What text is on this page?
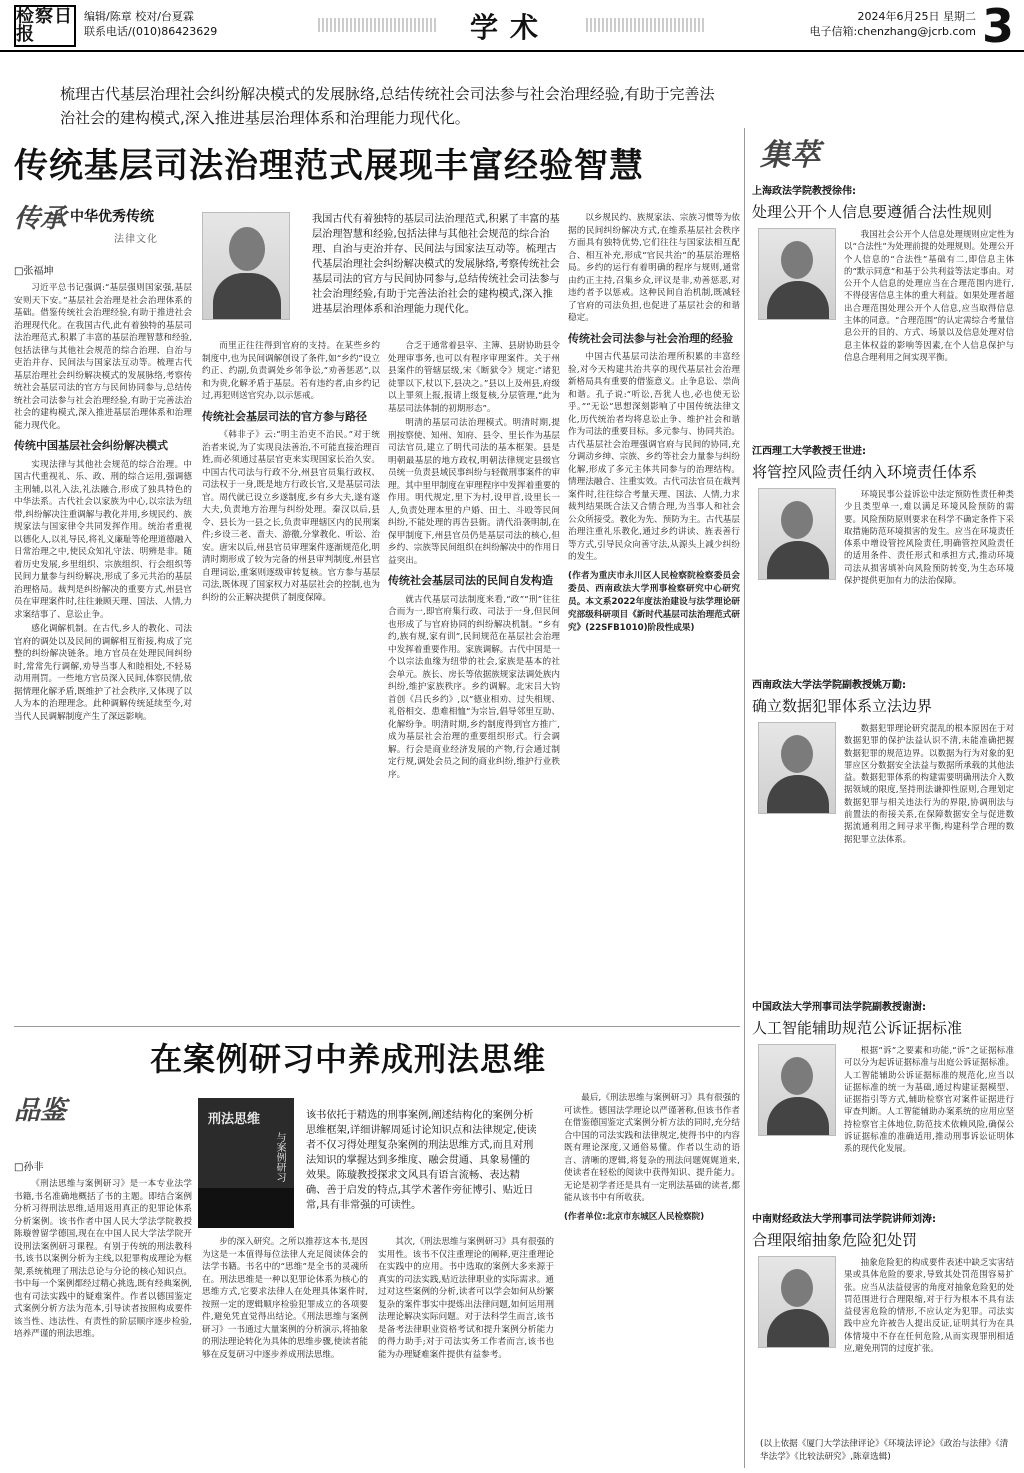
检察日报
编辑/陈章 校对/台夏霖
联系电话/(010)86423629	学术	2024年6月25日 星期二
电子信箱:chenzhang@jcrb.com 3
梳理古代基层治理社会纠纷解决模式的发展脉络,总结传统社会司法参与社会治理经验,有助于完善法治社会的建构模式,深入推进基层治理体系和治理能力现代化。
传统基层司法治理范式展现丰富经验智慧
传承 中华优秀传统
法律文化
□张福坤
我国古代有着独特的基层司法治理范式,积累了丰富的基层治理智慧和经验,包括法律与其他社会规范的综合治理、自治与吏治并存、民间法与国家法互动等。梳理古代基层治理社会纠纷解决模式的发展脉络,考察传统社会基层司法的官方与民间协同参与,总结传统社会司法参与社会治理经验,有助于完善法治社会的建构模式,深入推进基层治理体系和治理能力现代化。

习近平总书记强调:“基层强则国家强,基层安则天下安。”基层社会治理是社会治理体系的基础。借鉴传统社会治理经验,有助于推进社会治理现代化。在我国古代,此有着独特的基层司法治理范式,积累了丰富的基层治理智慧和经验,包括法律与其他社会规范的综合治理、自治与吏治并存、民间法与国家法互动等。梳理古代基层治理社会纠纷解决模式的发展脉络,考察传统社会基层司法的官方与民间协同参与,总结传统社会司法参与社会治理经验,有助于完善法治社会的建构模式,深入推进基层治理体系和治理能力现代化。

传统中国基层社会纠纷解决模式

实现法律与其他社会规范的综合治理。中国古代重视礼、乐、政、刑的综合运用,强调德主刑辅,以礼入法,礼法融合,形成了独具特色的中华法系。古代社会以家族为中心,以宗法为纽带,纠纷解决注重调解与教化并用,乡规民约、族规家法与国家律令共同发挥作用。统治者重视以德化人,以礼导民,将礼义廉耻等伦理道德融入日常治理之中,使民众知礼守法、明辨是非。随着历史发展,乡里组织、宗族组织、行会组织等民间力量参与纠纷解决,形成了多元共治的基层治理格局。裁判是纠纷解决的重要方式,州县官员在审理案件时,往往兼顾天理、国法、人情,力求案结事了、息讼止争。

感化调解机制。在古代,乡人的教化、司法官府的调处以及民间的调解相互衔接,构成了完整的纠纷解决链条。地方官员在处理民间纠纷时,常常先行调解,劝导当事人和睦相处,不轻易动用刑罚。一些地方官员深入民间,体察民情,依据情理化解矛盾,既维护了社会秩序,又体现了以人为本的治理理念。此种调解传统延续至今,对当代人民调解制度产生了深远影响。

而里正往往得到官府的支持。在某些乡约制度中,也为民间调解创设了条件,如“乡约”设立约正、约副,负责调处乡邻争讼,“劝善惩恶”,以和为贵,化解矛盾于基层。若有违约者,由乡约记过,再犯则送官究办,以示惩戒。

传统社会基层司法的官方参与路径

《韩非子》云:“明主治吏不治民。”对于统治者来说,为了实现良法善治,不可能直接治理百姓,而必须通过基层官吏来实现国家长治久安。中国古代司法与行政不分,州县官员集行政权、司法权于一身,既是地方行政长官,又是基层司法官。周代就已设立乡遂制度,乡有乡大夫,遂有遂大夫,负责地方治理与纠纷处理。秦汉以后,县令、县长为一县之长,负责审理辖区内的民刑案件;乡设三老、啬夫、游徼,分掌教化、听讼、治安。唐宋以后,州县官员审理案件逐渐规范化,明清时期形成了较为完备的州县审判制度,州县官自理词讼,重案则逐级审转复核。官方参与基层司法,既体现了国家权力对基层社会的控制,也为纠纷的公正解决提供了制度保障。

合乏于通常着县宰、主簿、县尉协助县令处理审事务,也可以有程序审理案件。关于州县案件的管辖层级,宋《断狱令》规定:“诸犯徒罪以下,杖以下,县决之。”县以上及州县,府级以上罪须上报,报请上级复核,分层管理,“此为基层司法体制的初期形态”。

明清的基层司法治理模式。明清时期,提刑按察使、知州、知府、县令、里长作为基层司法官员,建立了明代司法的基本框架。县是明朝最基层的地方政权,明朝法律规定县级官员统一负责县域民事纠纷与轻微刑事案件的审理。其中里甲制度在审理程序中发挥着重要的作用。明代规定,里下为村,设甲首,设里长一人,负责处理本里的户婚、田土、斗殴等民间纠纷,不能处理的再告县衙。清代沿袭明制,在保甲制度下,州县官员仍是基层司法的核心,但乡约、宗族等民间组织在纠纷解决中的作用日益突出。

传统社会基层司法的民间自发构造

就古代基层司法制度来看,“政”“刑”往往合而为一,即官府集行政、司法于一身,但民间也形成了与官府协同的纠纷解决机制。“乡有约,族有规,家有训”,民间规范在基层社会治理中发挥着重要作用。家族调解。古代中国是一个以宗法血缘为纽带的社会,家族是基本的社会单元。族长、房长等依据族规家法调处族内纠纷,维护家族秩序。乡约调解。北宋吕大钧首创《吕氏乡约》,以“德业相劝、过失相规、礼俗相交、患难相恤”为宗旨,倡导邻里互助、化解纷争。明清时期,乡约制度得到官方推广,成为基层社会治理的重要组织形式。行会调解。行会是商业经济发展的产物,行会通过制定行规,调处会员之间的商业纠纷,维护行业秩序。

以乡规民约、族规家法、宗族习惯等为依据的民间纠纷解决方式,在维系基层社会秩序方面具有独特优势,它们往往与国家法相互配合、相互补充,形成“官民共治”的基层治理格局。乡约的运行有着明确的程序与规则,通常由约正主持,召集乡众,评议是非,劝善惩恶,对违约者予以惩戒。这种民间自治机制,既减轻了官府的司法负担,也促进了基层社会的和谐稳定。

传统社会司法参与社会治理的经验

中国古代基层司法治理所积累的丰富经验,对今天构建共治共享的现代基层社会治理新格局具有重要的借鉴意义。止争息讼、崇尚和谐。孔子说:“听讼,吾犹人也,必也使无讼乎。”“无讼”思想深刻影响了中国传统法律文化,历代统治者均将息讼止争、维护社会和谐作为司法的重要目标。多元参与、协同共治。古代基层社会治理强调官府与民间的协同,充分调动乡绅、宗族、乡约等社会力量参与纠纷化解,形成了多元主体共同参与的治理结构。情理法融合、注重实效。古代司法官员在裁判案件时,往往综合考量天理、国法、人情,力求裁判结果既合法又合情合理,为当事人和社会公众所接受。教化为先、预防为主。古代基层治理注重礼乐教化,通过乡约讲读、旌表善行等方式,引导民众向善守法,从源头上减少纠纷的发生。

(作者为重庆市永川区人民检察院检察委员会委员、西南政法大学刑事检察研究中心研究员。本文系2022年度法治建设与法学理论研究部级科研项目《新时代基层司法治理范式研究》(22SFB1010)阶段性成果)
集萃
上海政法学院教授徐伟:
处理公开个人信息要遵循合法性规则

我国社会公开个人信息处理规则应定性为以“合法性”为处理前提的处理规则。处理公开个人信息的“合法性”基础有二,即信息主体的“默示同意”和基于公共利益等法定事由。对公开个人信息的处理应当在合理范围内进行,不得侵害信息主体的重大利益。如果处理者超出合理范围处理公开个人信息,应当取得信息主体的同意。“合理范围”的认定需综合考量信息公开的目的、方式、场景以及信息处理对信息主体权益的影响等因素,在个人信息保护与信息合理利用之间实现平衡。

江西理工大学教授王世进:
将管控风险责任纳入环境责任体系

环境民事公益诉讼中法定预防性责任种类少且类型单一,难以满足环境风险预防的需要。风险预防原则要求在科学不确定条件下采取措施防范环境损害的发生。应当在环境责任体系中增设管控风险责任,明确管控风险责任的适用条件、责任形式和承担方式,推动环境司法从损害填补向风险预防转变,为生态环境保护提供更加有力的法治保障。

西南政法大学法学院副教授姚万勤:
确立数据犯罪体系立法边界

数据犯罪理论研究混乱的根本原因在于对数据犯罪的保护法益认识不清,未能准确把握数据犯罪的规范边界。以数据为行为对象的犯罪应区分数据安全法益与数据所承载的其他法益。数据犯罪体系的构建需要明确刑法介入数据领域的限度,坚持刑法谦抑性原则,合理划定数据犯罪与相关违法行为的界限,协调刑法与前置法的衔接关系,在保障数据安全与促进数据流通利用之间寻求平衡,构建科学合理的数据犯罪立法体系。

中国政法大学刑事司法学院副教授谢澍:
人工智能辅助规范公诉证据标准

根据“诉”之要素和功能,“诉”之证据标准可以分为起诉证据标准与出庭公诉证据标准。人工智能辅助公诉证据标准的规范化,应当以证据标准的统一为基础,通过构建证据模型、证据指引等方式,辅助检察官对案件证据进行审查判断。人工智能辅助办案系统的应用应坚持检察官主体地位,防范技术依赖风险,确保公诉证据标准的准确适用,推动刑事诉讼证明体系的现代化发展。

中南财经政法大学刑事司法学院讲师刘涛:
合理限缩抽象危险犯处罚

抽象危险犯的构成要件表述中缺乏实害结果或具体危险的要求,导致其处罚范围容易扩张。应当从法益侵害的角度对抽象危险犯的处罚范围进行合理限缩,对于行为根本不具有法益侵害危险的情形,不应认定为犯罪。司法实践中应允许被告人提出反证,证明其行为在具体情境中不存在任何危险,从而实现罪刑相适应,避免刑罚的过度扩张。

(以上依据《厦门大学法律评论》《环境法评论》《政治与法律》《清华法学》《比较法研究》,陈章选辑)
在案例研习中养成刑法思维
品鉴
□孙非
刑法思维
与案例研习
该书依托于精选的刑事案例,阐述结构化的案例分析思维框架,详细讲解周延讨论知识点和法律规定,使读者不仅习得处理复杂案例的刑法思维方式,而且对刑法知识的掌握达到多维度、融会贯通、具象易懂的效果。陈璇教授探求文风具有语言流畅、表达精确、善于启发的特点,其学术著作旁征博引、贴近日常,具有非常强的可读性。

《刑法思维与案例研习》是一本专业法学书籍,书名准确地概括了书的主题。即结合案例分析习得刑法思维,适用返用真正的犯罪论体系分析案例。该书作者中国人民大学法学院教授陈璇曾留学德国,现在在中国人民大学法学院开设刑法案例研习课程。有别于传统的刑法教科书,该书以案例分析为主线,以犯罪构成理论为框架,系统梳理了刑法总论与分论的核心知识点。书中每一个案例都经过精心挑选,既有经典案例,也有司法实践中的疑难案件。作者以德国鉴定式案例分析方法为范本,引导读者按照构成要件该当性、违法性、有责性的阶层顺序逐步检验,培养严谨的刑法思维。

步的深入研究。之所以推荐这本书,是因为这是一本值得每位法律人充足阅读体会的法学书籍。书名中的“思维”是全书的灵魂所在。刑法思维是一种以犯罪论体系为核心的思维方式,它要求法律人在处理具体案件时,按照一定的逻辑顺序检验犯罪成立的各项要件,避免凭直觉得出结论。《刑法思维与案例研习》一书通过大量案例的分析演示,将抽象的刑法理论转化为具体的思维步骤,使读者能够在反复研习中逐步养成刑法思维。

其次,《刑法思维与案例研习》具有很强的实用性。该书不仅注重理论的阐释,更注重理论在实践中的应用。书中选取的案例大多来源于真实的司法实践,贴近法律职业的实际需求。通过对这些案例的分析,读者可以学会如何从纷繁复杂的案件事实中提炼出法律问题,如何运用刑法理论解决实际问题。对于法科学生而言,该书是备考法律职业资格考试和提升案例分析能力的得力助手;对于司法实务工作者而言,该书也能为办理疑难案件提供有益参考。

最后,《刑法思维与案例研习》具有很强的可读性。德国法学理论以严谨著称,但该书作者在借鉴德国鉴定式案例分析方法的同时,充分结合中国的司法实践和法律规定,使得书中的内容既有理论深度,又通俗易懂。作者以生动的语言、清晰的逻辑,将复杂的刑法问题娓娓道来,使读者在轻松的阅读中获得知识、提升能力。无论是初学者还是具有一定刑法基础的读者,都能从该书中有所收获。

(作者单位:北京市东城区人民检察院)
